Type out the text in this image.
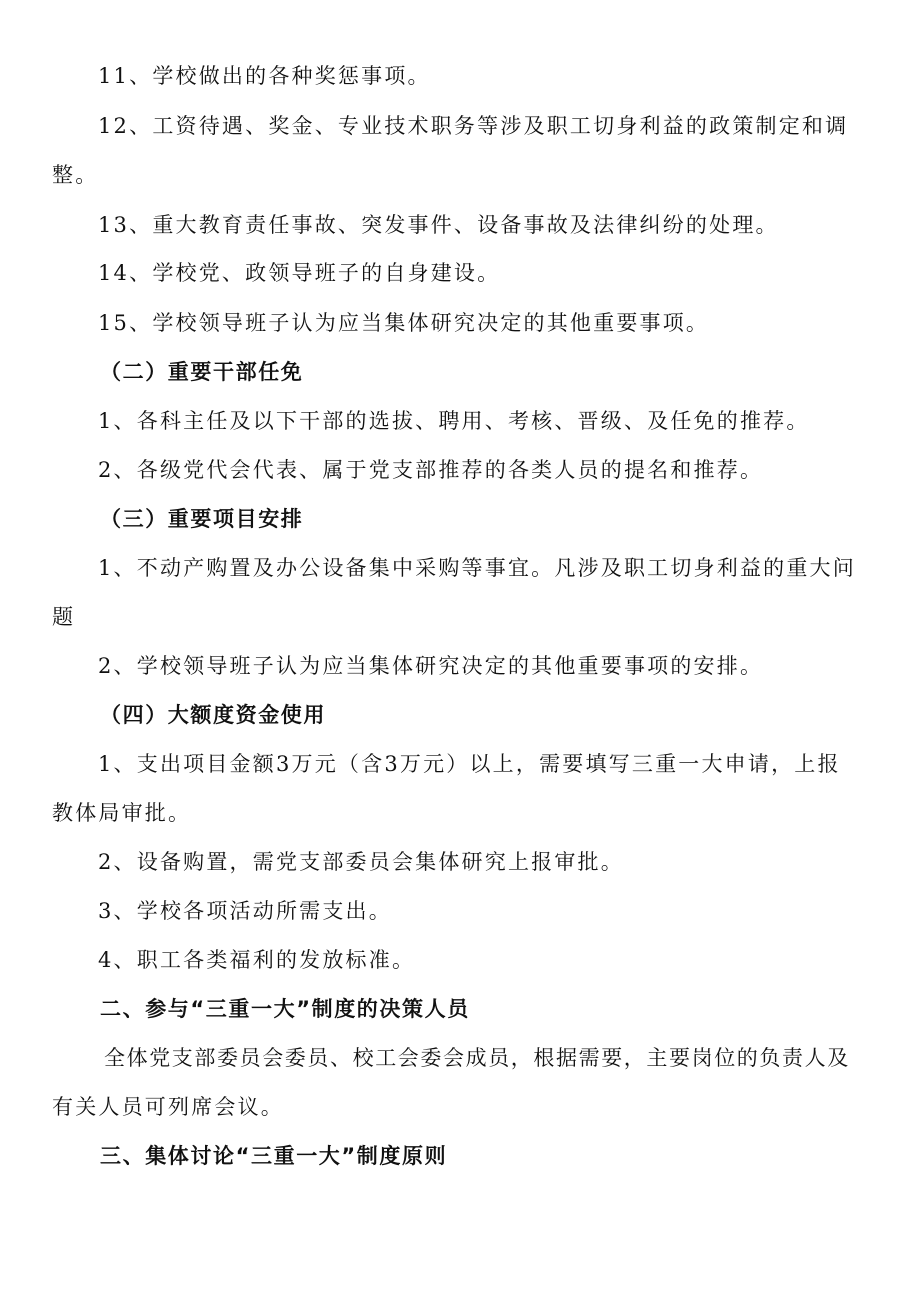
11、学校做出的各种奖惩事项。

12、工资待遇、奖金、专业技术职务等涉及职工切身利益的政策制定和调

整。

13、重大教育责任事故、突发事件、设备事故及法律纠纷的处理。

14、学校党、政领导班子的自身建设。

15、学校领导班子认为应当集体研究决定的其他重要事项。

（二）重要干部任免

1、各科主任及以下干部的选拔、聘用、考核、晋级、及任免的推荐。

2、各级党代会代表、属于党支部推荐的各类人员的提名和推荐。

（三）重要项目安排

1、不动产购置及办公设备集中采购等事宜。凡涉及职工切身利益的重大问

题

2、学校领导班子认为应当集体研究决定的其他重要事项的安排。

（四）大额度资金使用

1、支出项目金额3万元（含3万元）以上，需要填写三重一大申请，上报

教体局审批。

2、设备购置，需党支部委员会集体研究上报审批。

3、学校各项活动所需支出。

4、职工各类福利的发放标准。

二、参与“三重一大”制度的决策人员

全体党支部委员会委员、校工会委会成员，根据需要，主要岗位的负责人及

有关人员可列席会议。

三、集体讨论“三重一大”制度原则
